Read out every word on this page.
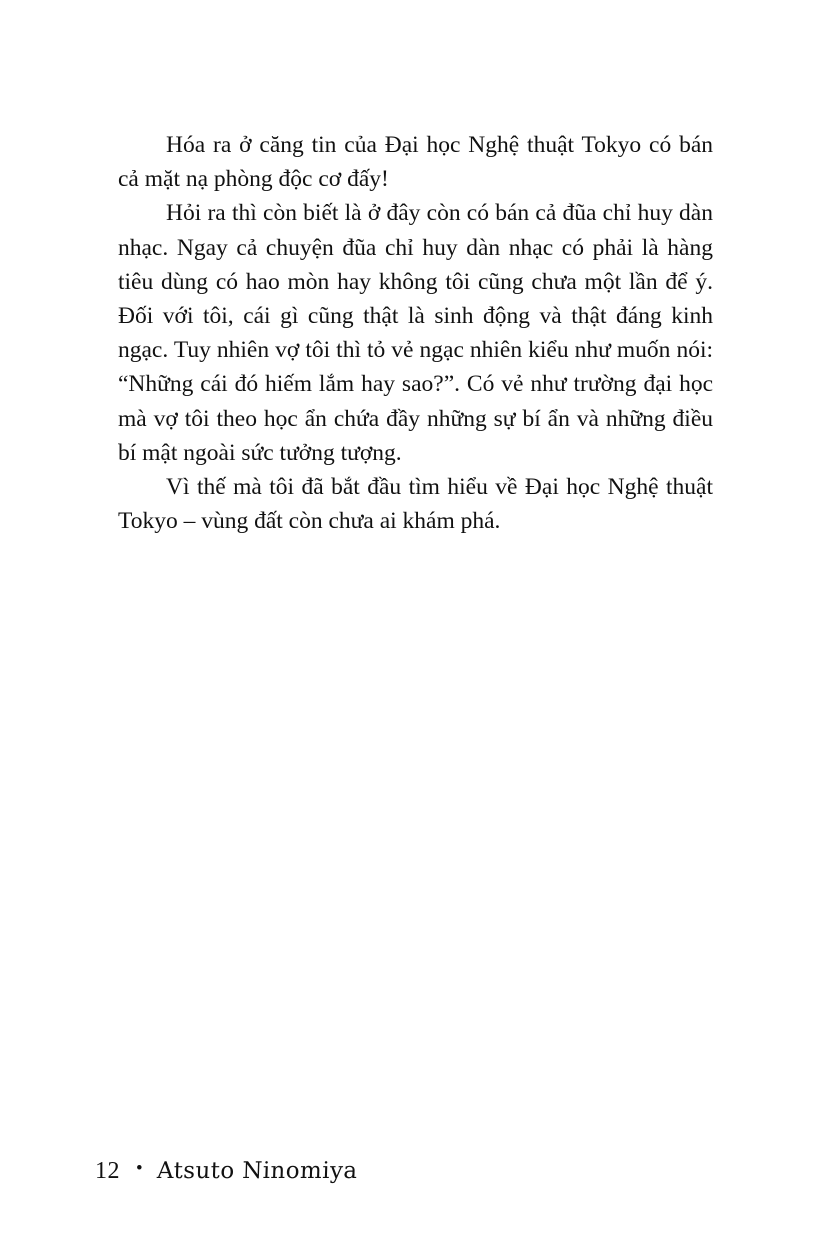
Hóa ra ở căng tin của Đại học Nghệ thuật Tokyo có bán cả mặt nạ phòng độc cơ đấy!

Hỏi ra thì còn biết là ở đây còn có bán cả đũa chỉ huy dàn nhạc. Ngay cả chuyện đũa chỉ huy dàn nhạc có phải là hàng tiêu dùng có hao mòn hay không tôi cũng chưa một lần để ý. Đối với tôi, cái gì cũng thật là sinh động và thật đáng kinh ngạc. Tuy nhiên vợ tôi thì tỏ vẻ ngạc nhiên kiểu như muốn nói: “Những cái đó hiếm lắm hay sao?”. Có vẻ như trường đại học mà vợ tôi theo học ẩn chứa đầy những sự bí ẩn và những điều bí mật ngoài sức tưởng tượng.

Vì thế mà tôi đã bắt đầu tìm hiểu về Đại học Nghệ thuật Tokyo – vùng đất còn chưa ai khám phá.

12 • Atsuto Ninomiya
